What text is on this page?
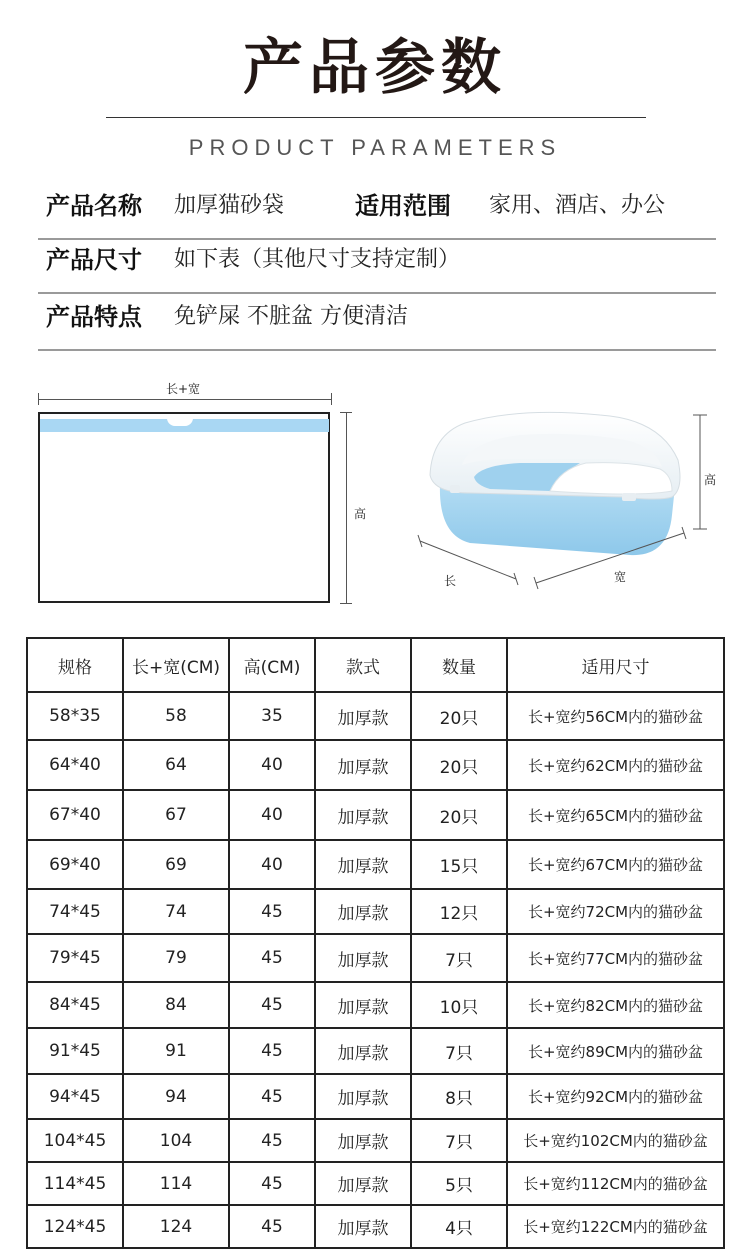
产品参数
PRODUCT PARAMETERS
产品名称 加厚猫砂袋	适用范围 家用、酒店、办公
产品尺寸 如下表（其他尺寸支持定制）
产品特点 免铲屎 不脏盆 方便清洁
长+宽
高
高
长	宽
规格	长+宽(CM)	高(CM)	款式	数量	适用尺寸
58*35	58	35	加厚款	20只	长+宽约56CM内的猫砂盆
64*40	64	40	加厚款	20只	长+宽约62CM内的猫砂盆
67*40	67	40	加厚款	20只	长+宽约65CM内的猫砂盆
69*40	69	40	加厚款	15只	长+宽约67CM内的猫砂盆
74*45	74	45	加厚款	12只	长+宽约72CM内的猫砂盆
79*45	79	45	加厚款	7只	长+宽约77CM内的猫砂盆
84*45	84	45	加厚款	10只	长+宽约82CM内的猫砂盆
91*45	91	45	加厚款	7只	长+宽约89CM内的猫砂盆
94*45	94	45	加厚款	8只	长+宽约92CM内的猫砂盆
104*45	104	45	加厚款	7只	长+宽约102CM内的猫砂盆
114*45	114	45	加厚款	5只	长+宽约112CM内的猫砂盆
124*45	124	45	加厚款	4只	长+宽约122CM内的猫砂盆
